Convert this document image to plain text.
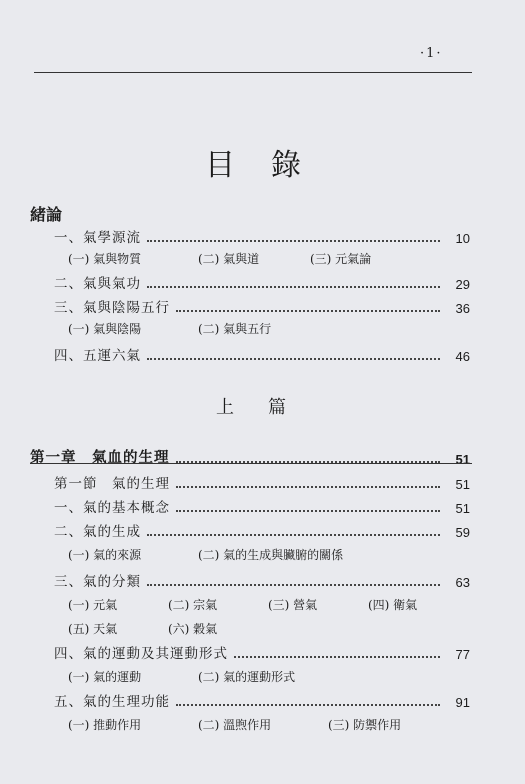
·1·
目錄
緒論
一、氣學源流	10
(一) 氣與物質	(二) 氣與道	(三) 元氣論
二、氣與氣功	29
三、氣與陰陽五行	36
(一) 氣與陰陽	(二) 氣與五行
四、五運六氣	46
上篇
第一章　氣血的生理	51
第一節　氣的生理	51
一、氣的基本概念	51
二、氣的生成	59
(一) 氣的來源	(二) 氣的生成與臟腑的關係
三、氣的分類	63
(一) 元氣	(二) 宗氣	(三) 營氣	(四) 衛氣
(五) 天氣	(六) 穀氣
四、氣的運動及其運動形式	77
(一) 氣的運動	(二) 氣的運動形式
五、氣的生理功能	91
(一) 推動作用	(二) 溫煦作用	(三) 防禦作用
